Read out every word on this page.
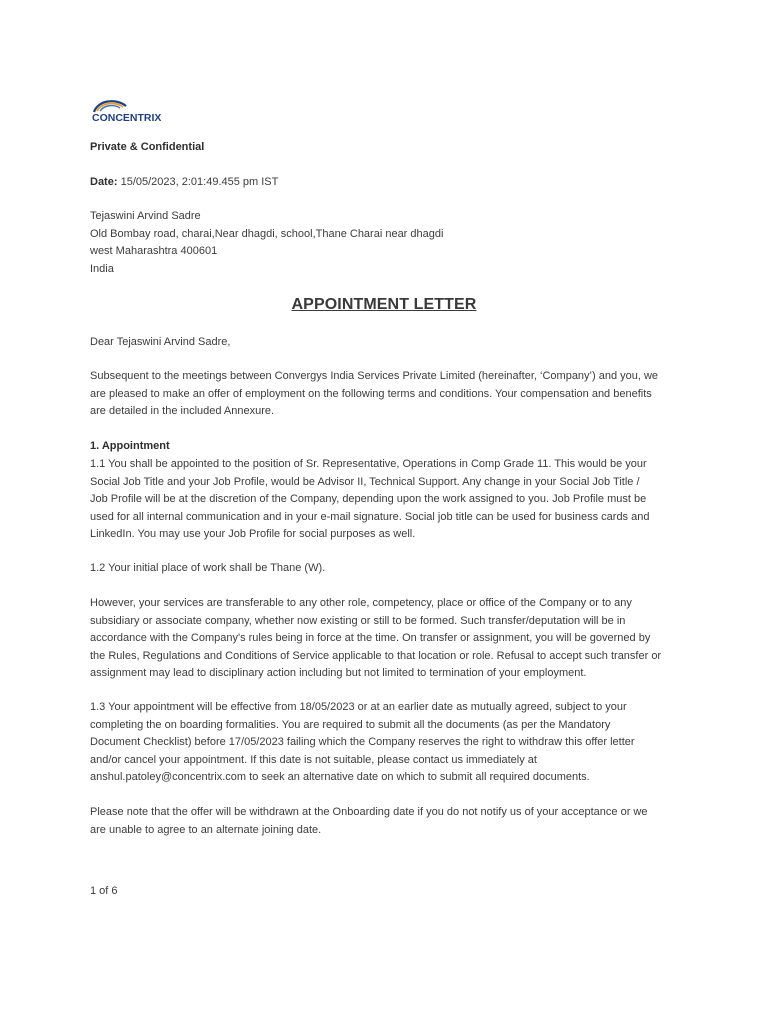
CONCENTRIX
Private & Confidential
Date: 15/05/2023, 2:01:49.455 pm IST
Tejaswini Arvind Sadre
Old Bombay road, charai,Near dhagdi, school,Thane Charai near dhagdi
west Maharashtra 400601
India
APPOINTMENT LETTER
Dear Tejaswini Arvind Sadre,
Subsequent to the meetings between Convergys India Services Private Limited (hereinafter, ‘Company’) and you, we
are pleased to make an offer of employment on the following terms and conditions. Your compensation and benefits
are detailed in the included Annexure.
1. Appointment
1.1 You shall be appointed to the position of Sr. Representative, Operations in Comp Grade 11. This would be your
Social Job Title and your Job Profile, would be Advisor II, Technical Support. Any change in your Social Job Title /
Job Profile will be at the discretion of the Company, depending upon the work assigned to you. Job Profile must be
used for all internal communication and in your e-mail signature. Social job title can be used for business cards and
LinkedIn. You may use your Job Profile for social purposes as well.
1.2 Your initial place of work shall be Thane (W).
However, your services are transferable to any other role, competency, place or office of the Company or to any
subsidiary or associate company, whether now existing or still to be formed. Such transfer/deputation will be in
accordance with the Company's rules being in force at the time. On transfer or assignment, you will be governed by
the Rules, Regulations and Conditions of Service applicable to that location or role. Refusal to accept such transfer or
assignment may lead to disciplinary action including but not limited to termination of your employment.
1.3 Your appointment will be effective from 18/05/2023 or at an earlier date as mutually agreed, subject to your
completing the on boarding formalities. You are required to submit all the documents (as per the Mandatory
Document Checklist) before 17/05/2023 failing which the Company reserves the right to withdraw this offer letter
and/or cancel your appointment. If this date is not suitable, please contact us immediately at
anshul.patoley@concentrix.com to seek an alternative date on which to submit all required documents.
Please note that the offer will be withdrawn at the Onboarding date if you do not notify us of your acceptance or we
are unable to agree to an alternate joining date.
1 of 6
